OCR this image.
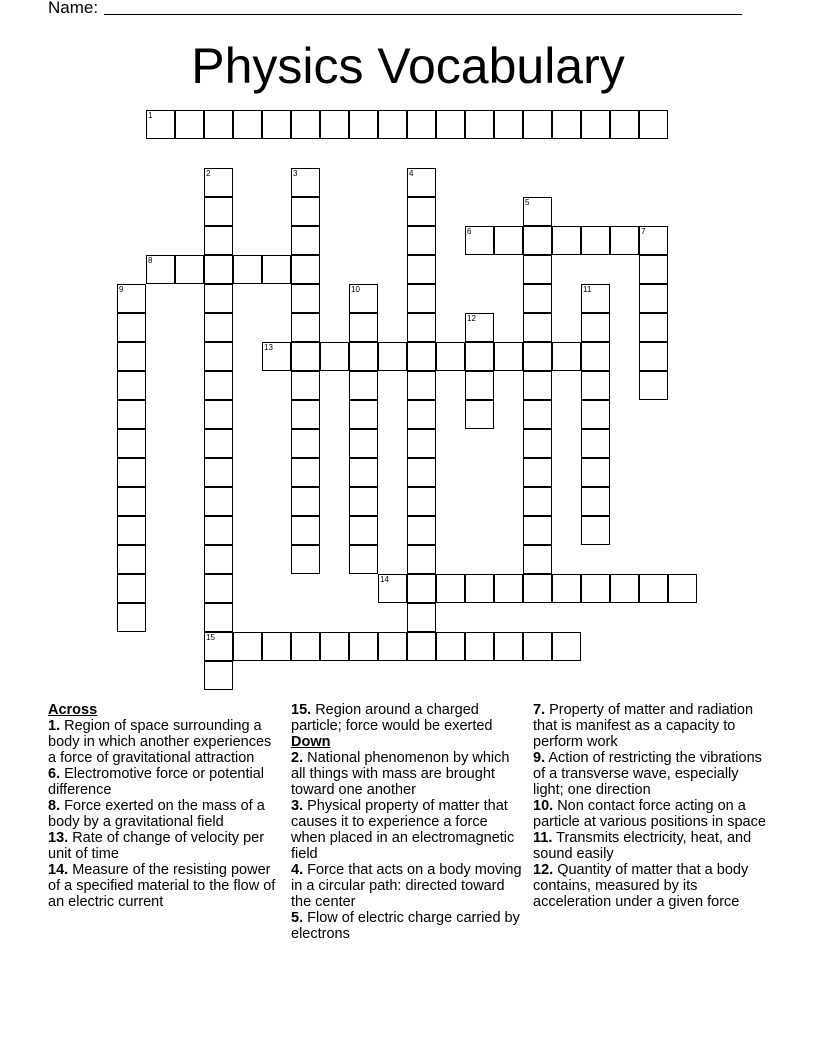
Name:
Physics Vocabulary
1
2
15
3	4
5
6	7
8
9	10	11
12
13
14
Across
1. Region of space surrounding a body in which another experiences a force of gravitational attraction
6. Electromotive force or potential difference
8. Force exerted on the mass of a body by a gravitational field
13. Rate of change of velocity per unit of time
14. Measure of the resisting power of a specified material to the flow of an electric current
15. Region around a charged particle; force would be exerted
Down
2. National phenomenon by which all things with mass are brought toward one another
3. Physical property of matter that causes it to experience a force when placed in an electromagnetic field
4. Force that acts on a body moving in a circular path: directed toward the center
5. Flow of electric charge carried by electrons
7. Property of matter and radiation that is manifest as a capacity to perform work
9. Action of restricting the vibrations of a transverse wave, especially light; one direction
10. Non contact force acting on a particle at various positions in space
11. Transmits electricity, heat, and sound easily
12. Quantity of matter that a body contains, measured by its acceleration under a given force
